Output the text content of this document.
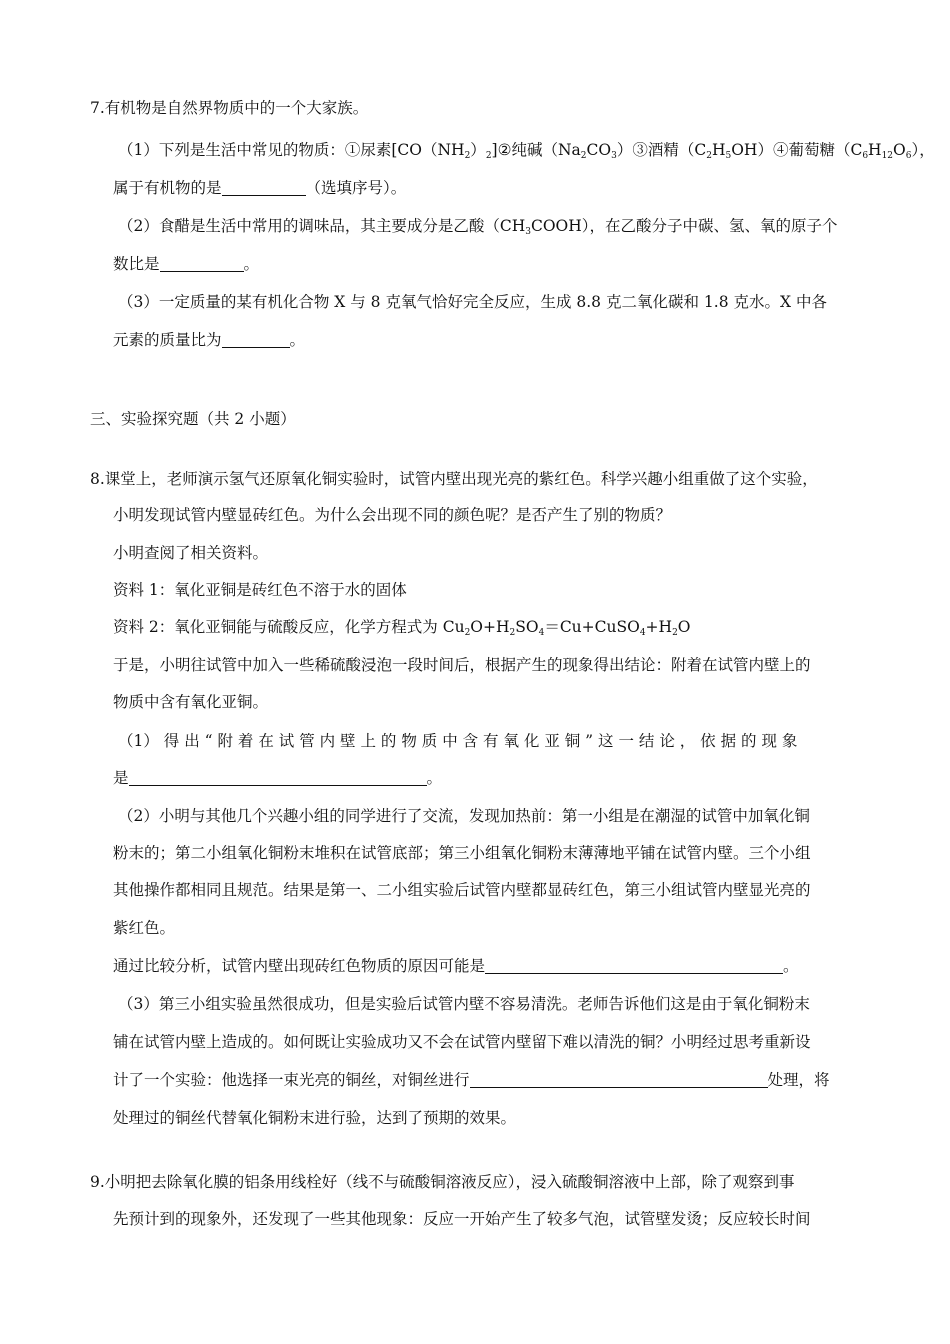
7.有机物是自然界物质中的一个大家族。
（1）下列是生活中常见的物质：①尿素$[CO(NH_2)_2]②$纯碱$(Na_2CO_3)③$酒精$(C_2H_5OH)④$葡萄糖$(C_6H_{12}O_6)$，
属于有机物的是	（选填序号）。
（2）食醋是生活中常用的调味品，其主要成分是乙酸$(CH_3COOH)$，在乙酸分子中碳、氢、氧的原子个
数比是	。
（3）一定质量的某有机化合物 X 与 8 克氧气恰好完全反应，生成 8.8 克二氧化碳和 1.8 克水。X 中各
元素的质量比为	。
三、实验探究题（共 2 小题）
8.课堂上，老师演示氢气还原氧化铜实验时，试管内壁出现光亮的紫红色。科学兴趣小组重做了这个实验，
小明发现试管内壁显砖红色。为什么会出现不同的颜色呢？是否产生了别的物质？
小明查阅了相关资料。
资料 1：氧化亚铜是砖红色不溶于水的固体
资料 2：氧化亚铜能与硫酸反应，化学方程式为 $Cu_2O+H_2SO_4=Cu+CuSO_4+H_2O$
于是，小明往试管中加入一些稀硫酸浸泡一段时间后，根据产生的现象得出结论：附着在试管内壁上的
物质中含有氧化亚铜。
（1） 得 出 “ 附 着 在 试 管 内 壁 上 的 物 质 中 含 有 氧 化 亚 铜 ” 这 一 结 论 ， 依 据 的 现 象
是	。
（2）小明与其他几个兴趣小组的同学进行了交流，发现加热前：第一小组是在潮湿的试管中加氧化铜
粉末的；第二小组氧化铜粉末堆积在试管底部；第三小组氧化铜粉末薄薄地平铺在试管内壁。三个小组
其他操作都相同且规范。结果是第一、二小组实验后试管内壁都显砖红色，第三小组试管内壁显光亮的
紫红色。
通过比较分析，试管内壁出现砖红色物质的原因可能是	。
（3）第三小组实验虽然很成功，但是实验后试管内壁不容易清洗。老师告诉他们这是由于氧化铜粉末
铺在试管内壁上造成的。如何既让实验成功又不会在试管内壁留下难以清洗的铜？小明经过思考重新设
计了一个实验：他选择一束光亮的铜丝，对铜丝进行	处理，将
处理过的铜丝代替氧化铜粉末进行验，达到了预期的效果。
9.小明把去除氧化膜的铝条用线栓好（线不与硫酸铜溶液反应），浸入硫酸铜溶液中上部，除了观察到事
先预计到的现象外，还发现了一些其他现象：反应一开始产生了较多气泡，试管壁发烫；反应较长时间
